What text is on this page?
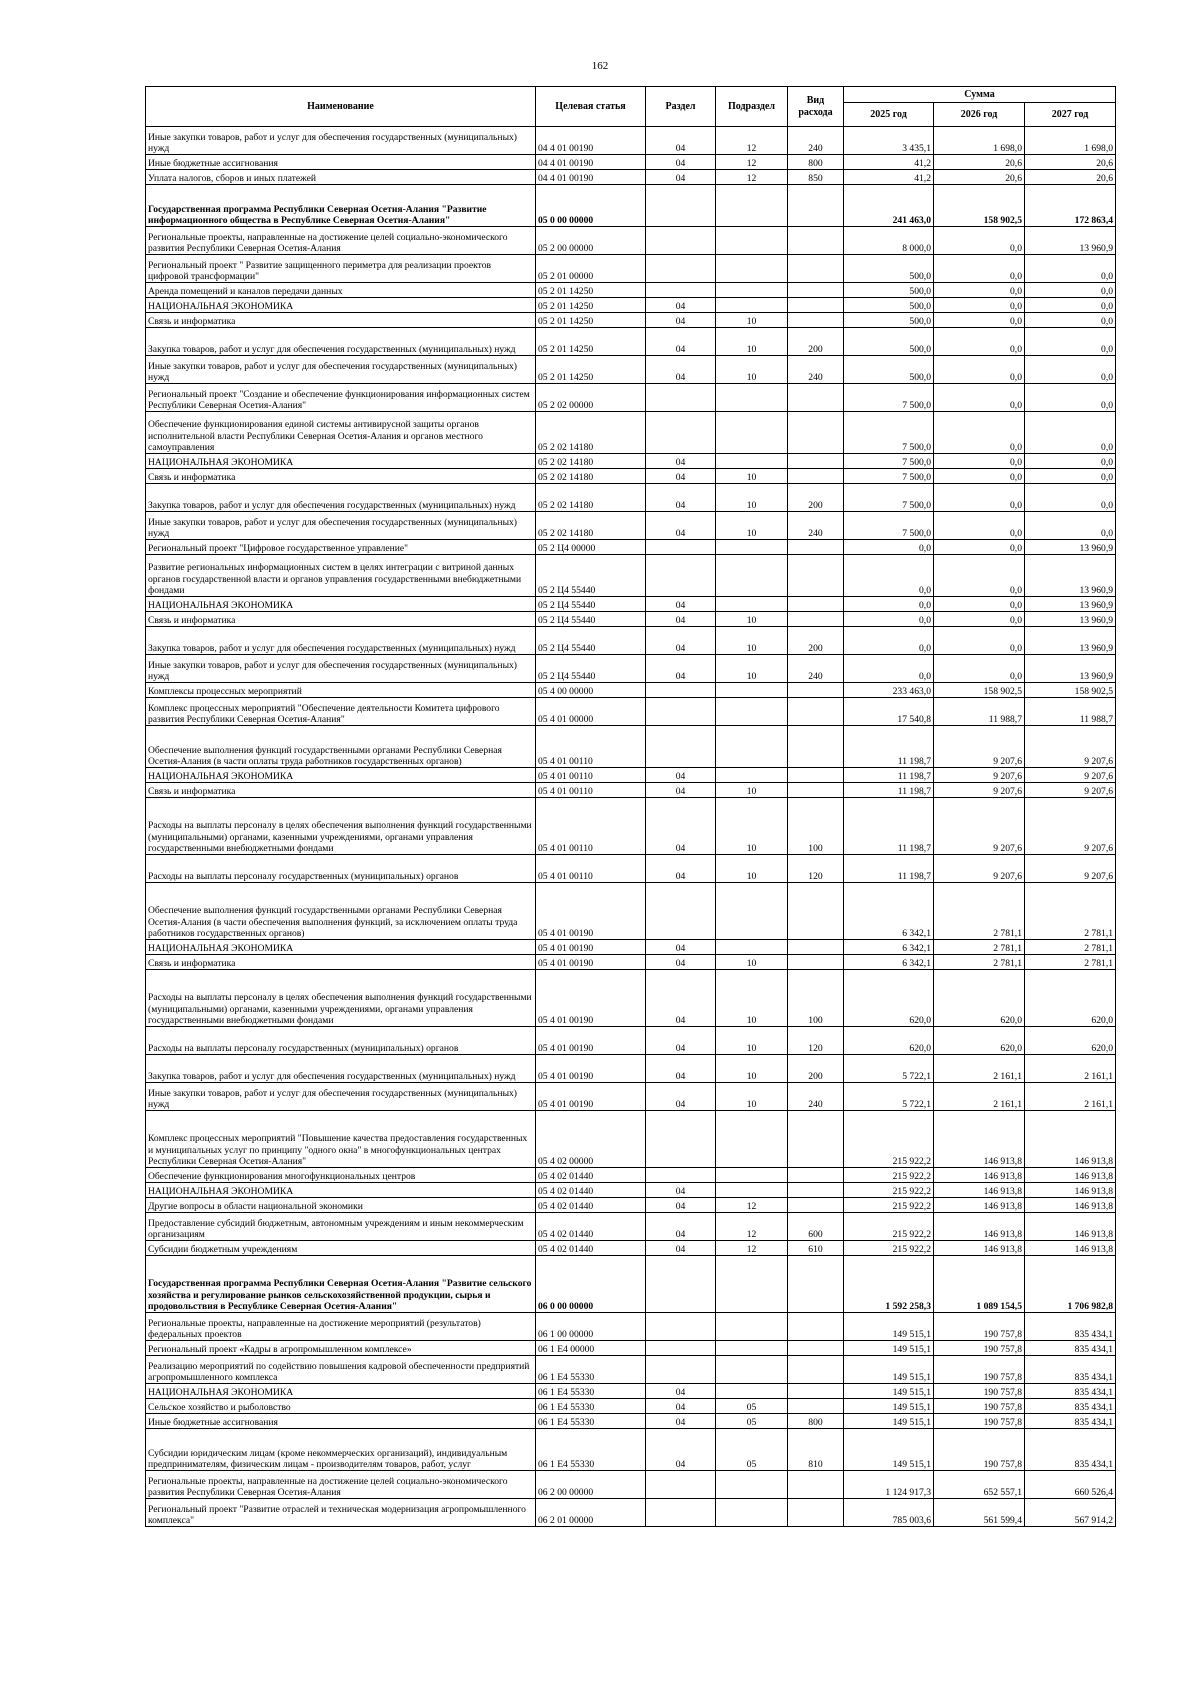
162
Наименование	Целевая статья	Раздел	Подраздел	Вид расхода	Сумма		
					2025 год	2026 год	2027 год
Иные закупки товаров, работ и услуг для обеспечения государственных (муниципальных) нужд	04 4 01 00190	04	12	240	3 435,1	1 698,0	1 698,0
Иные бюджетные ассигнования	04 4 01 00190	04	12	800	41,2	20,6	20,6
Уплата налогов, сборов и иных платежей	04 4 01 00190	04	12	850	41,2	20,6	20,6
Государственная программа Республики Северная Осетия-Алания "Развитие информационного общества в Республике Северная Осетия-Алания"	05 0 00 00000				241 463,0	158 902,5	172 863,4
Региональные проекты, направленные на достижение целей социально-экономического развития Республики Северная Осетия-Алания	05 2 00 00000				8 000,0	0,0	13 960,9
Региональный проект " Развитие защищенного периметра для реализации проектов цифровой трансформации"	05 2 01 00000				500,0	0,0	0,0
Аренда помещений и каналов передачи данных	05 2 01 14250				500,0	0,0	0,0
НАЦИОНАЛЬНАЯ ЭКОНОМИКА	05 2 01 14250	04			500,0	0,0	0,0
Связь и информатика	05 2 01 14250	04	10		500,0	0,0	0,0
Закупка товаров, работ и услуг для обеспечения государственных (муниципальных) нужд	05 2 01 14250	04	10	200	500,0	0,0	0,0
Иные закупки товаров, работ и услуг для обеспечения государственных (муниципальных) нужд	05 2 01 14250	04	10	240	500,0	0,0	0,0
Региональный проект "Создание и обеспечение функционирования информационных систем Республики Северная Осетия-Алания"	05 2 02 00000				7 500,0	0,0	0,0
Обеспечение функционирования единой системы антивирусной защиты органов исполнительной власти Республики Северная Осетия-Алания и органов местного самоуправления	05 2 02 14180				7 500,0	0,0	0,0
НАЦИОНАЛЬНАЯ ЭКОНОМИКА	05 2 02 14180	04			7 500,0	0,0	0,0
Связь и информатика	05 2 02 14180	04	10		7 500,0	0,0	0,0
Закупка товаров, работ и услуг для обеспечения государственных (муниципальных) нужд	05 2 02 14180	04	10	200	7 500,0	0,0	0,0
Иные закупки товаров, работ и услуг для обеспечения государственных (муниципальных) нужд	05 2 02 14180	04	10	240	7 500,0	0,0	0,0
Региональный проект "Цифровое государственное управление"	05 2 Ц4 00000				0,0	0,0	13 960,9
Развитие региональных информационных систем в целях интеграции с витриной данных органов государственной власти и органов управления государственными внебюджетными фондами	05 2 Ц4 55440				0,0	0,0	13 960,9
НАЦИОНАЛЬНАЯ ЭКОНОМИКА	05 2 Ц4 55440	04			0,0	0,0	13 960,9
Связь и информатика	05 2 Ц4 55440	04	10		0,0	0,0	13 960,9
Закупка товаров, работ и услуг для обеспечения государственных (муниципальных) нужд	05 2 Ц4 55440	04	10	200	0,0	0,0	13 960,9
Иные закупки товаров, работ и услуг для обеспечения государственных (муниципальных) нужд	05 2 Ц4 55440	04	10	240	0,0	0,0	13 960,9
Комплексы процессных мероприятий	05 4 00 00000				233 463,0	158 902,5	158 902,5
Комплекс процессных мероприятий "Обеспечение деятельности Комитета цифрового развития Республики Северная Осетия-Алания"	05 4 01 00000				17 540,8	11 988,7	11 988,7
Обеспечение выполнения функций государственными органами Республики Северная Осетия-Алания (в части оплаты труда работников государственных органов)	05 4 01 00110				11 198,7	9 207,6	9 207,6
НАЦИОНАЛЬНАЯ ЭКОНОМИКА	05 4 01 00110	04			11 198,7	9 207,6	9 207,6
Связь и информатика	05 4 01 00110	04	10		11 198,7	9 207,6	9 207,6
Расходы на выплаты персоналу в целях обеспечения выполнения функций государственными (муниципальными) органами, казенными учреждениями, органами управления государственными внебюджетными фондами	05 4 01 00110	04	10	100	11 198,7	9 207,6	9 207,6
Расходы на выплаты персоналу государственных (муниципальных) органов	05 4 01 00110	04	10	120	11 198,7	9 207,6	9 207,6
Обеспечение выполнения функций государственными органами Республики Северная Осетия-Алания (в части обеспечения выполнения функций, за исключением оплаты труда работников государственных органов)	05 4 01 00190				6 342,1	2 781,1	2 781,1
НАЦИОНАЛЬНАЯ ЭКОНОМИКА	05 4 01 00190	04			6 342,1	2 781,1	2 781,1
Связь и информатика	05 4 01 00190	04	10		6 342,1	2 781,1	2 781,1
Расходы на выплаты персоналу в целях обеспечения выполнения функций государственными (муниципальными) органами, казенными учреждениями, органами управления государственными внебюджетными фондами	05 4 01 00190	04	10	100	620,0	620,0	620,0
Расходы на выплаты персоналу государственных (муниципальных) органов	05 4 01 00190	04	10	120	620,0	620,0	620,0
Закупка товаров, работ и услуг для обеспечения государственных (муниципальных) нужд	05 4 01 00190	04	10	200	5 722,1	2 161,1	2 161,1
Иные закупки товаров, работ и услуг для обеспечения государственных (муниципальных) нужд	05 4 01 00190	04	10	240	5 722,1	2 161,1	2 161,1
Комплекс процессных мероприятий "Повышение качества предоставления государственных и муниципальных услуг по принципу "одного окна" в многофункциональных центрах Республики Северная Осетия-Алания"	05 4 02 00000				215 922,2	146 913,8	146 913,8
Обеспечение функционирования многофункциональных центров	05 4 02 01440				215 922,2	146 913,8	146 913,8
НАЦИОНАЛЬНАЯ ЭКОНОМИКА	05 4 02 01440	04			215 922,2	146 913,8	146 913,8
Другие вопросы в области национальной экономики	05 4 02 01440	04	12		215 922,2	146 913,8	146 913,8
Предоставление субсидий бюджетным, автономным учреждениям и иным некоммерческим организациям	05 4 02 01440	04	12	600	215 922,2	146 913,8	146 913,8
Субсидии бюджетным учреждениям	05 4 02 01440	04	12	610	215 922,2	146 913,8	146 913,8
Государственная программа Республики Северная Осетия-Алания "Развитие сельского хозяйства и регулирование рынков сельскохозяйственной продукции, сырья и продовольствия в Республике Северная Осетия-Алания"	06 0 00 00000				1 592 258,3	1 089 154,5	1 706 982,8
Региональные проекты, направленные на достижение мероприятий (результатов) федеральных проектов	06 1 00 00000				149 515,1	190 757,8	835 434,1
Региональный проект «Кадры в агропромышленном комплексе»	06 1 E4 00000				149 515,1	190 757,8	835 434,1
Реализацию мероприятий по содействию повышения кадровой обеспеченности предприятий агропромышленного комплекса	06 1 E4 55330				149 515,1	190 757,8	835 434,1
НАЦИОНАЛЬНАЯ ЭКОНОМИКА	06 1 E4 55330	04			149 515,1	190 757,8	835 434,1
Сельское хозяйство и рыболовство	06 1 E4 55330	04	05		149 515,1	190 757,8	835 434,1
Иные бюджетные ассигнования	06 1 E4 55330	04	05	800	149 515,1	190 757,8	835 434,1
Субсидии юридическим лицам (кроме некоммерческих организаций), индивидуальным предпринимателям, физическим лицам - производителям товаров, работ, услуг	06 1 E4 55330	04	05	810	149 515,1	190 757,8	835 434,1
Региональные проекты, направленные на достижение целей социально-экономического развития Республики Северная Осетия-Алания	06 2 00 00000				1 124 917,3	652 557,1	660 526,4
Региональный проект "Развитие отраслей и техническая модернизация агропромышленного комплекса"	06 2 01 00000				785 003,6	561 599,4	567 914,2
